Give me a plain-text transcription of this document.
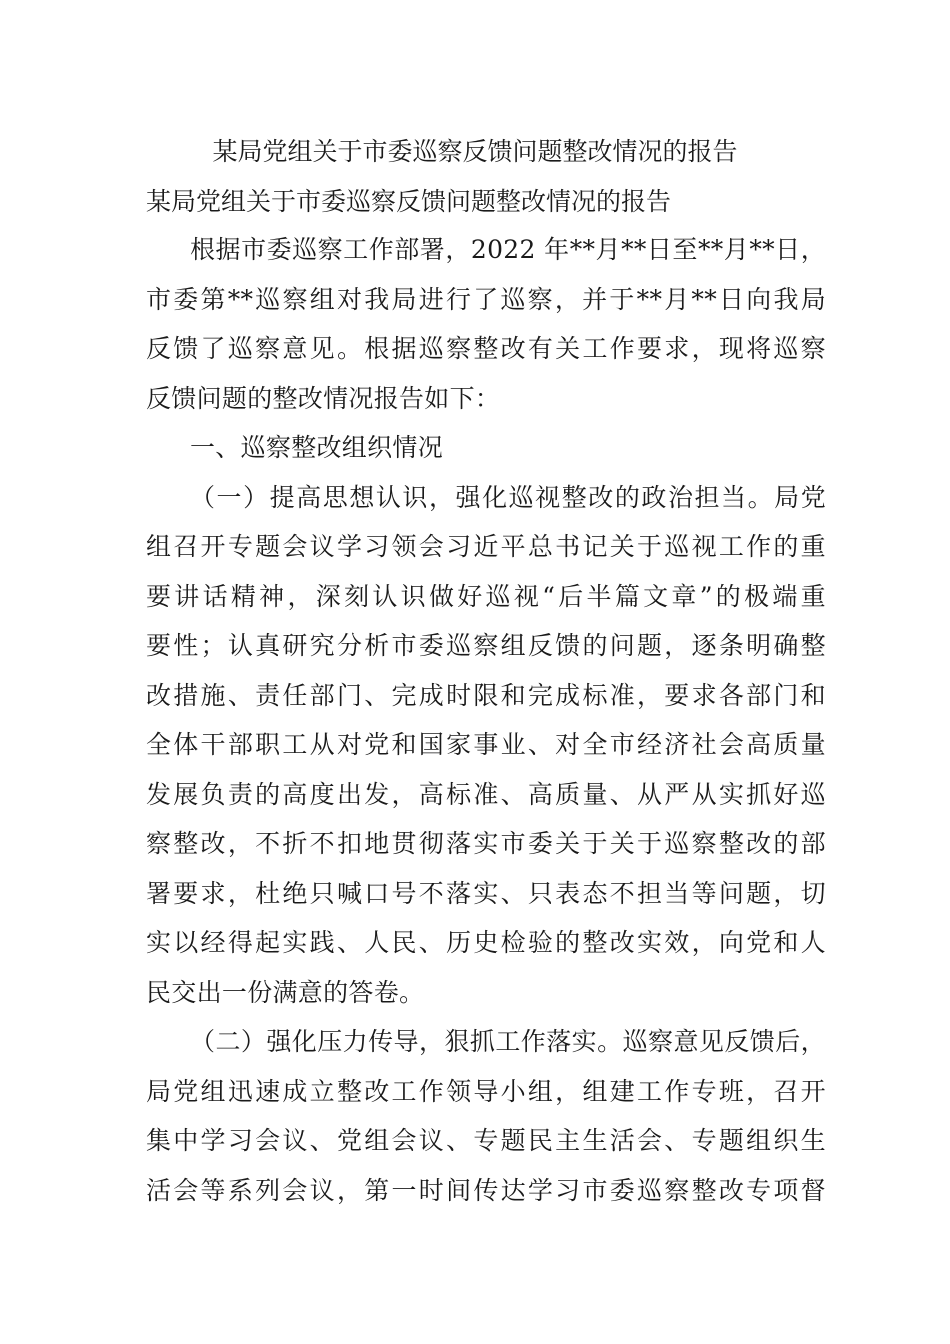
某局党组关于市委巡察反馈问题整改情况的报告
某局党组关于市委巡察反馈问题整改情况的报告
根据市委巡察工作部署，2022 年**月**日至**月**日，
市委第**巡察组对我局进行了巡察，并于**月**日向我局
反馈了巡察意见。根据巡察整改有关工作要求，现将巡察
反馈问题的整改情况报告如下：
一、巡察整改组织情况
（一）提高思想认识，强化巡视整改的政治担当。局党
组召开专题会议学习领会习近平总书记关于巡视工作的重
要讲话精神，深刻认识做好巡视“后半篇文章”的极端重
要性；认真研究分析市委巡察组反馈的问题，逐条明确整
改措施、责任部门、完成时限和完成标准，要求各部门和
全体干部职工从对党和国家事业、对全市经济社会高质量
发展负责的高度出发，高标准、高质量、从严从实抓好巡
察整改，不折不扣地贯彻落实市委关于关于巡察整改的部
署要求，杜绝只喊口号不落实、只表态不担当等问题，切
实以经得起实践、人民、历史检验的整改实效，向党和人
民交出一份满意的答卷。
（二）强化压力传导，狠抓工作落实。巡察意见反馈后，
局党组迅速成立整改工作领导小组，组建工作专班，召开
集中学习会议、党组会议、专题民主生活会、专题组织生
活会等系列会议，第一时间传达学习市委巡察整改专项督
